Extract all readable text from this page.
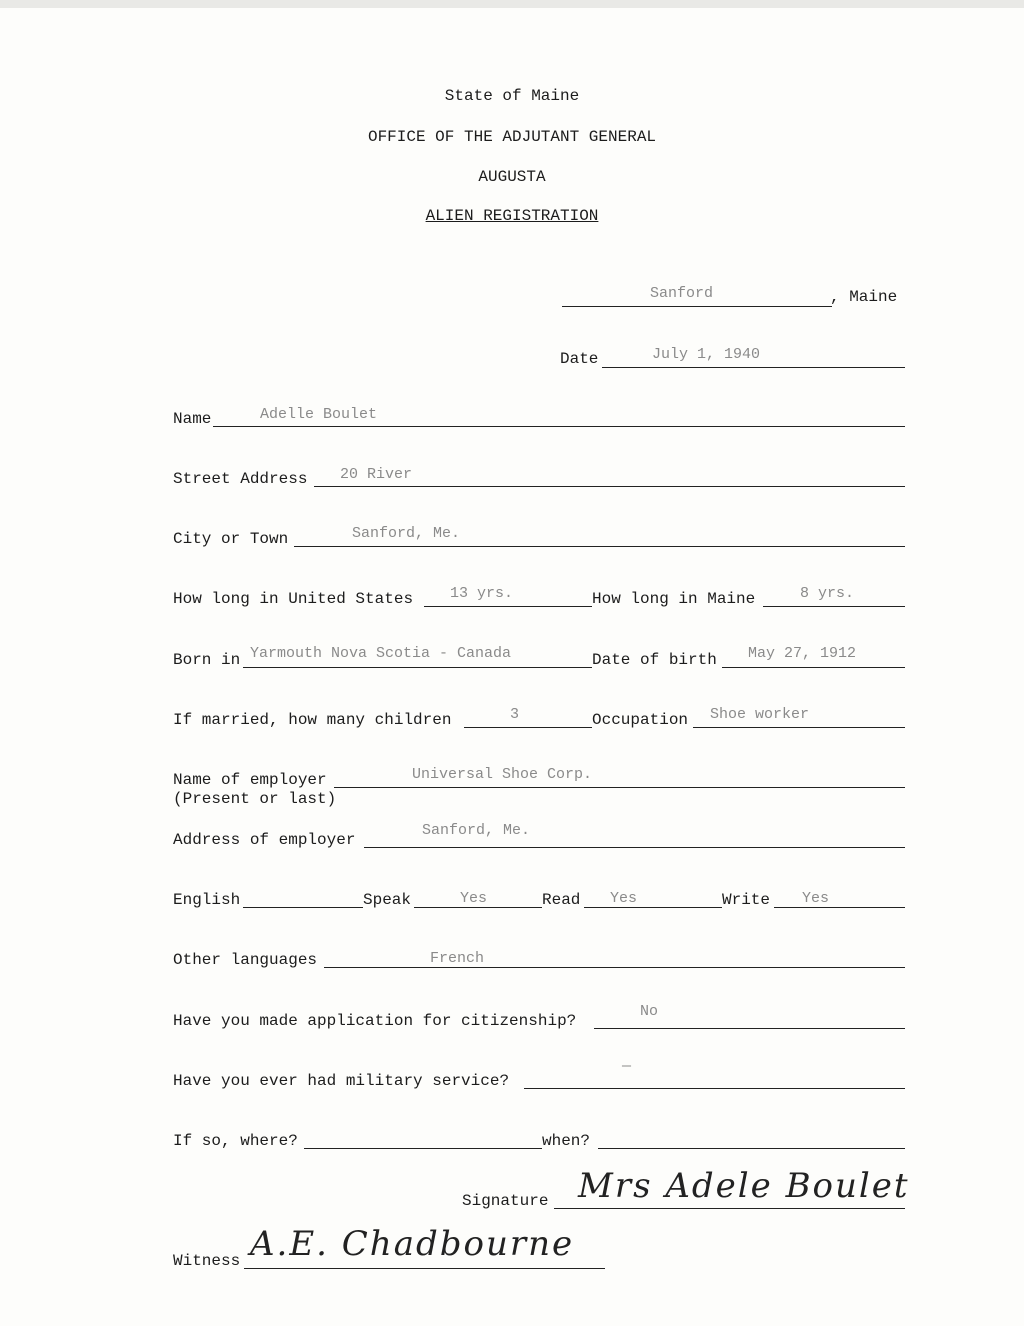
State of Maine
OFFICE OF THE ADJUTANT GENERAL
AUGUSTA
ALIEN REGISTRATION
Sanford	, Maine
Date	July 1, 1940
Name	Adelle Boulet
Street Address 20 River
City or Town	Sanford, Me.
How long in United States 13 yrs.	How long in Maine	8 yrs.
Born in Yarmouth Nova Scotia - Canada	Date of birth May 27, 1912
If married, how many children	3	Occupation Shoe worker
Name of employer
(Present or last)
Universal Shoe Corp.
Address of employer
Sanford, Me.
English	Speak	Yes	Read Yes	Write Yes
Other languages	French
Have you made application for citizenship?
No
Have you ever had military service?
—
If so, where?	when?
Signature Mrs Adele Boulet
Witness A.E. Chadbourne
